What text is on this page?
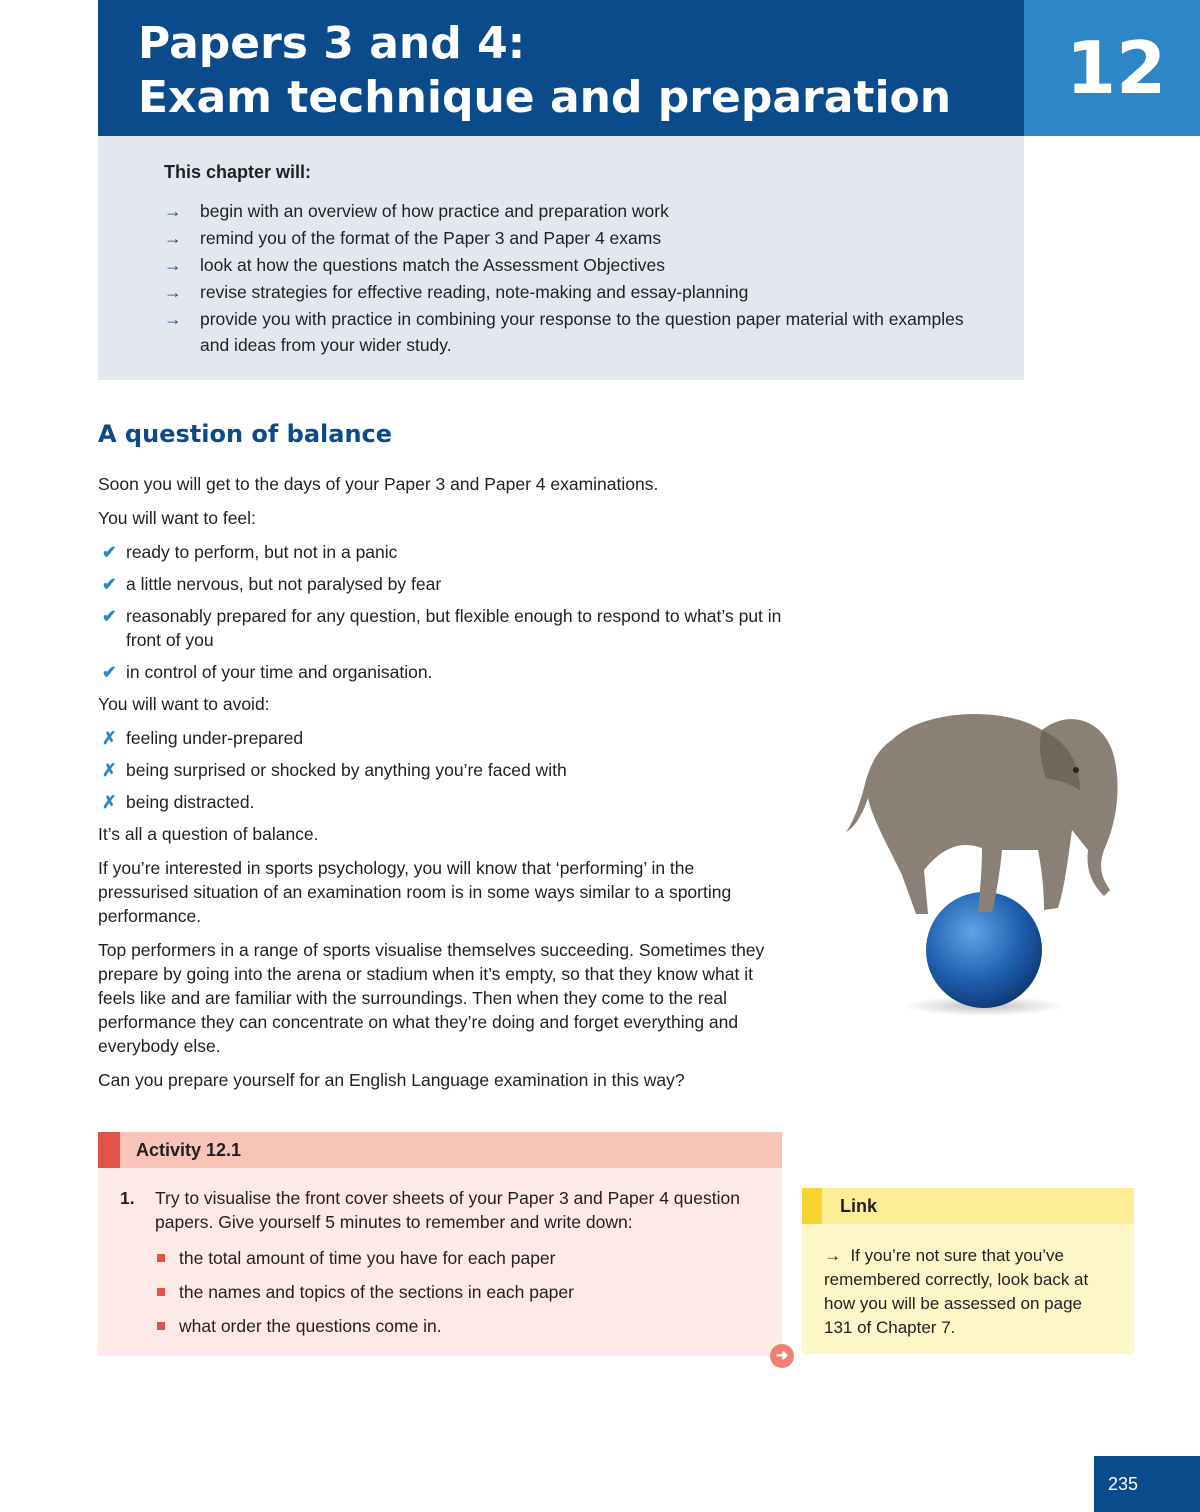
Papers 3 and 4:
Exam technique and preparation 12
This chapter will:
→ begin with an overview of how practice and preparation work
→ remind you of the format of the Paper 3 and Paper 4 exams
→ look at how the questions match the Assessment Objectives
→ revise strategies for effective reading, note-making and essay-planning
→ provide you with practice in combining your response to the question paper material with examples and ideas from your wider study.
A question of balance

Soon you will get to the days of your Paper 3 and Paper 4 examinations.

You will want to feel:

✔ ready to perform, but not in a panic
✔ a little nervous, but not paralysed by fear
✔ reasonably prepared for any question, but flexible enough to respond to what’s put in front of you
✔ in control of your time and organisation.

You will want to avoid:

✗ feeling under-prepared
✗ being surprised or shocked by anything you’re faced with
✗ being distracted.

It’s all a question of balance.

If you’re interested in sports psychology, you will know that ‘performing’ in the pressurised situation of an examination room is in some ways similar to a sporting performance.

Top performers in a range of sports visualise themselves succeeding. Sometimes they prepare by going into the arena or stadium when it’s empty, so that they know what it feels like and are familiar with the surroundings. Then when they come to the real performance they can concentrate on what they’re doing and forget everything and everybody else.

Can you prepare yourself for an English Language examination in this way?

Activity 12.1
1. Try to visualise the front cover sheets of your Paper 3 and Paper 4 question papers. Give yourself 5 minutes to remember and write down:
the total amount of time you have for each paper
the names and topics of the sections in each paper
what order the questions come in.
➜
Link
→ If you’re not sure that you’ve remembered correctly, look back at how you will be assessed on page 131 of Chapter 7.
235
